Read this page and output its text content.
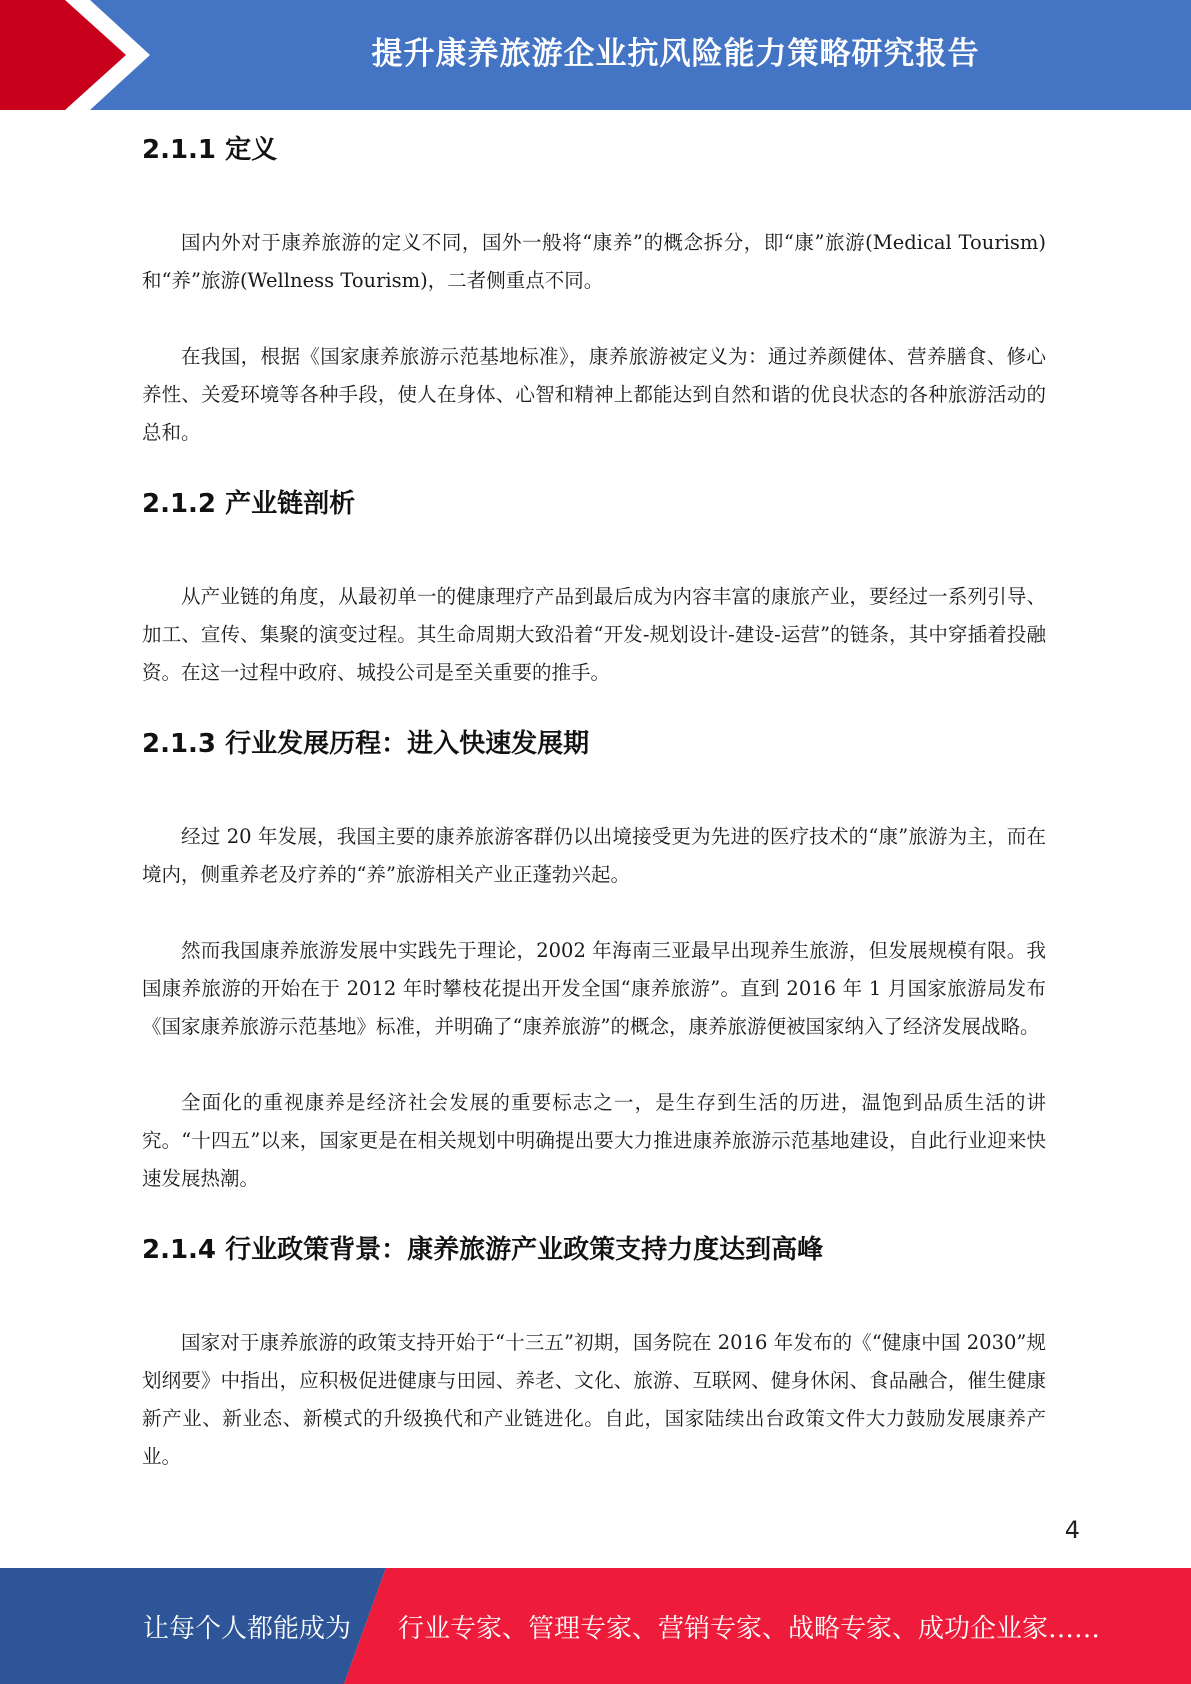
提升康养旅游企业抗风险能力策略研究报告
2.1.1 定义

国内外对于康养旅游的定义不同，国外一般将“康养”的概念拆分，即“康”旅游(Medical Tourism)和“养”旅游(Wellness Tourism)，二者侧重点不同。

在我国，根据《国家康养旅游示范基地标准》，康养旅游被定义为：通过养颜健体、营养膳食、修心养性、关爱环境等各种手段，使人在身体、心智和精神上都能达到自然和谐的优良状态的各种旅游活动的总和。

2.1.2 产业链剖析

从产业链的角度，从最初单一的健康理疗产品到最后成为内容丰富的康旅产业，要经过一系列引导、加工、宣传、集聚的演变过程。其生命周期大致沿着“开发-规划设计-建设-运营”的链条，其中穿插着投融资。在这一过程中政府、城投公司是至关重要的推手。

2.1.3 行业发展历程：进入快速发展期

经过 20 年发展，我国主要的康养旅游客群仍以出境接受更为先进的医疗技术的“康”旅游为主，而在境内，侧重养老及疗养的“养”旅游相关产业正蓬勃兴起。

然而我国康养旅游发展中实践先于理论，2002 年海南三亚最早出现养生旅游，但发展规模有限。我国康养旅游的开始在于 2012 年时攀枝花提出开发全国“康养旅游”。直到 2016 年 1 月国家旅游局发布《国家康养旅游示范基地》标准，并明确了“康养旅游”的概念，康养旅游便被国家纳入了经济发展战略。

全面化的重视康养是经济社会发展的重要标志之一，是生存到生活的历进，温饱到品质生活的讲究。“十四五”以来，国家更是在相关规划中明确提出要大力推进康养旅游示范基地建设，自此行业迎来快速发展热潮。

2.1.4 行业政策背景：康养旅游产业政策支持力度达到高峰

国家对于康养旅游的政策支持开始于“十三五”初期，国务院在 2016 年发布的《“健康中国 2030”规划纲要》中指出，应积极促进健康与田园、养老、文化、旅游、互联网、健身休闲、食品融合，催生健康新产业、新业态、新模式的升级换代和产业链进化。自此，国家陆续出台政策文件大力鼓励发展康养产业。

4
让每个人都能成为 行业专家、管理专家、营销专家、战略专家、成功企业家……
